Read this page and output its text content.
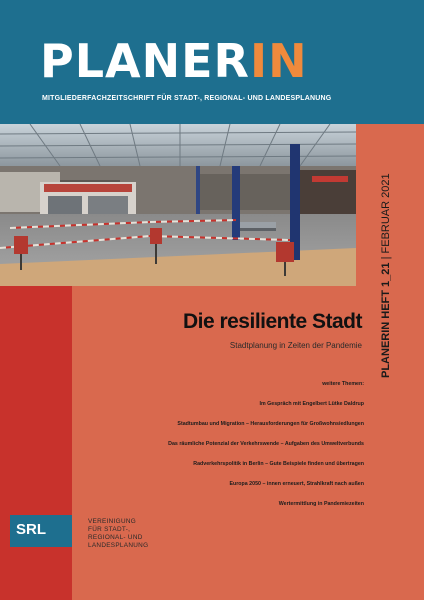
PLANERIN
MITGLIEDERFACHZEITSCHRIFT FÜR STADT-, REGIONAL- UND LANDESPLANUNG
PLANERIN HEFT 1_21 | FEBRUAR 2021
Die resiliente Stadt
Stadtplanung in Zeiten der Pandemie
weitere Themen:
Im Gespräch mit Engelbert Lütke Daldrup
Stadtumbau und Migration – Herausforderungen für Großwohnsiedlungen
Das räumliche Potenzial der Verkehrswende – Aufgaben des Umweltverbunds
Radverkehrspolitik in Berlin – Gute Beispiele finden und übertragen
Europa 2050 – innen erneuert, Strahlkraft nach außen
Wertermittlung in Pandemiezeiten
SRL	VEREINIGUNG
FÜR STADT-,
REGIONAL- UND
LANDESPLANUNG
